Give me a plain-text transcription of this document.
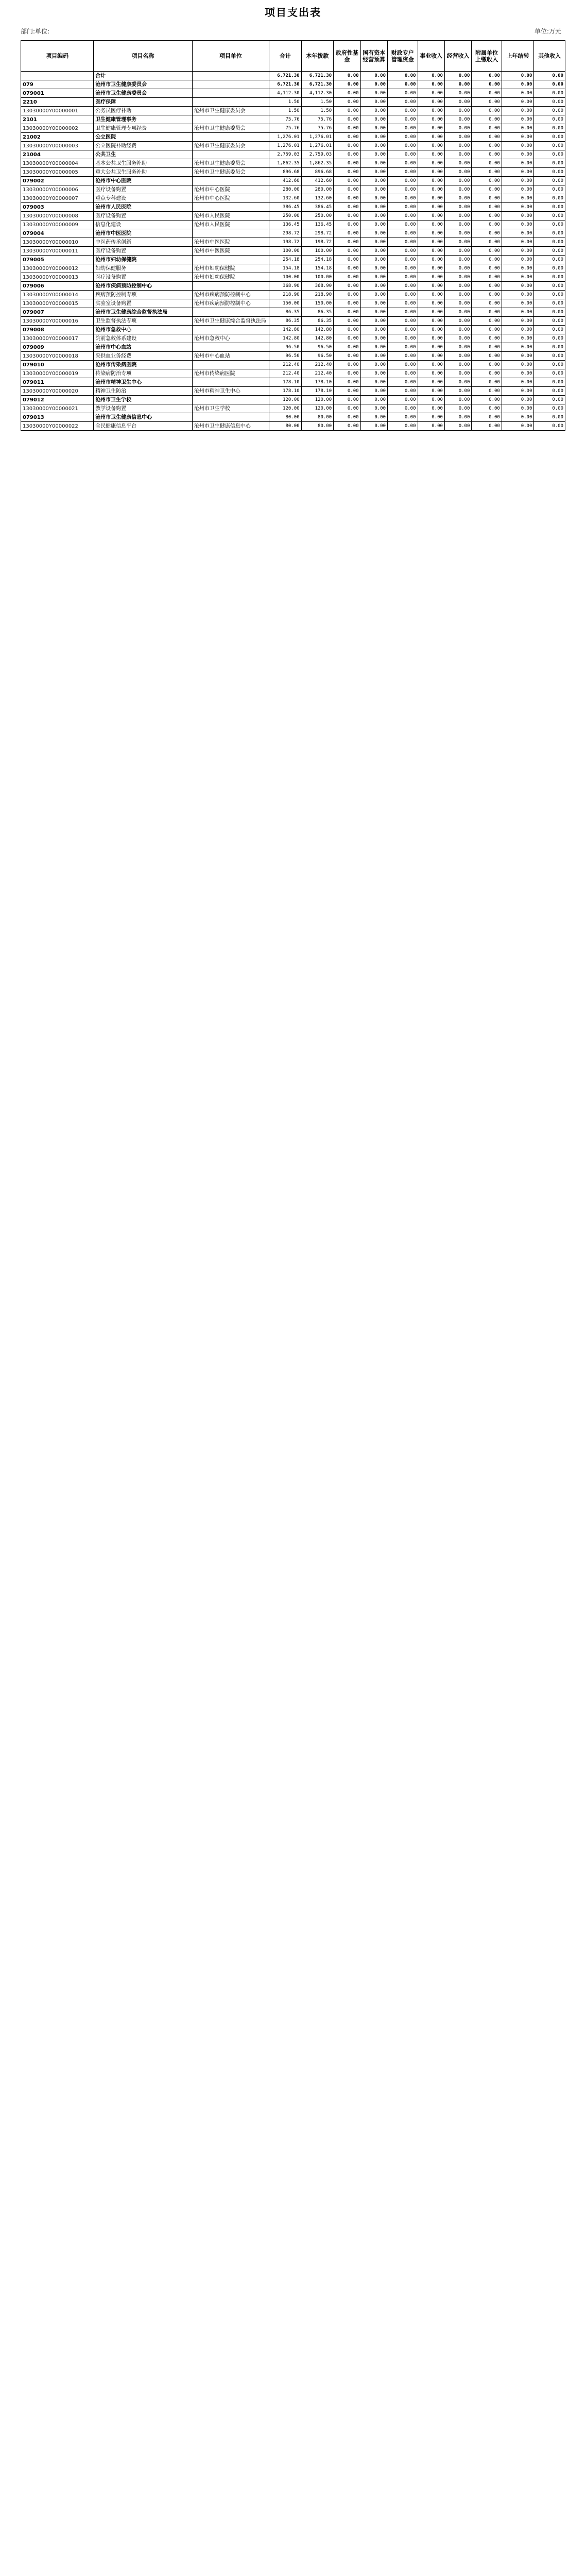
项目支出表
部门:单位:	单位:万元
项目编码	项目名称	项目单位	合计	本年拨款	政府性基金	国有资本经营预算	财政专户管理资金	事业收入	经营收入	附属单位上缴收入	上年结转	其他收入
	合计		6,721.30	6,721.30	0.00	0.00	0.00	0.00	0.00	0.00	0.00	0.00
079	沧州市卫生健康委员会		6,721.30	6,721.30	0.00	0.00	0.00	0.00	0.00	0.00	0.00	0.00
079001	沧州市卫生健康委员会		4,112.30	4,112.30	0.00	0.00	0.00	0.00	0.00	0.00	0.00	0.00
2210	医疗保障		1.50	1.50	0.00	0.00	0.00	0.00	0.00	0.00	0.00	0.00
13030000Y00000001	公务员医疗补助	沧州市卫生健康委员会	1.50	1.50	0.00	0.00	0.00	0.00	0.00	0.00	0.00	0.00
2101	卫生健康管理事务		75.76	75.76	0.00	0.00	0.00	0.00	0.00	0.00	0.00	0.00
13030000Y00000002	卫生健康管理专项经费	沧州市卫生健康委员会	75.76	75.76	0.00	0.00	0.00	0.00	0.00	0.00	0.00	0.00
21002	公立医院		1,276.01	1,276.01	0.00	0.00	0.00	0.00	0.00	0.00	0.00	0.00
13030000Y00000003	公立医院补助经费	沧州市卫生健康委员会	1,276.01	1,276.01	0.00	0.00	0.00	0.00	0.00	0.00	0.00	0.00
21004	公共卫生		2,759.03	2,759.03	0.00	0.00	0.00	0.00	0.00	0.00	0.00	0.00
13030000Y00000004	基本公共卫生服务补助	沧州市卫生健康委员会	1,862.35	1,862.35	0.00	0.00	0.00	0.00	0.00	0.00	0.00	0.00
13030000Y00000005	重大公共卫生服务补助	沧州市卫生健康委员会	896.68	896.68	0.00	0.00	0.00	0.00	0.00	0.00	0.00	0.00
079002	沧州市中心医院		412.60	412.60	0.00	0.00	0.00	0.00	0.00	0.00	0.00	0.00
13030000Y00000006	医疗设备购置	沧州市中心医院	280.00	280.00	0.00	0.00	0.00	0.00	0.00	0.00	0.00	0.00
13030000Y00000007	重点专科建设	沧州市中心医院	132.60	132.60	0.00	0.00	0.00	0.00	0.00	0.00	0.00	0.00
079003	沧州市人民医院		386.45	386.45	0.00	0.00	0.00	0.00	0.00	0.00	0.00	0.00
13030000Y00000008	医疗设备购置	沧州市人民医院	250.00	250.00	0.00	0.00	0.00	0.00	0.00	0.00	0.00	0.00
13030000Y00000009	信息化建设	沧州市人民医院	136.45	136.45	0.00	0.00	0.00	0.00	0.00	0.00	0.00	0.00
079004	沧州市中医医院		298.72	298.72	0.00	0.00	0.00	0.00	0.00	0.00	0.00	0.00
13030000Y00000010	中医药传承创新	沧州市中医医院	198.72	198.72	0.00	0.00	0.00	0.00	0.00	0.00	0.00	0.00
13030000Y00000011	医疗设备购置	沧州市中医医院	100.00	100.00	0.00	0.00	0.00	0.00	0.00	0.00	0.00	0.00
079005	沧州市妇幼保健院		254.18	254.18	0.00	0.00	0.00	0.00	0.00	0.00	0.00	0.00
13030000Y00000012	妇幼保健服务	沧州市妇幼保健院	154.18	154.18	0.00	0.00	0.00	0.00	0.00	0.00	0.00	0.00
13030000Y00000013	医疗设备购置	沧州市妇幼保健院	100.00	100.00	0.00	0.00	0.00	0.00	0.00	0.00	0.00	0.00
079006	沧州市疾病预防控制中心		368.90	368.90	0.00	0.00	0.00	0.00	0.00	0.00	0.00	0.00
13030000Y00000014	疾病预防控制专项	沧州市疾病预防控制中心	218.90	218.90	0.00	0.00	0.00	0.00	0.00	0.00	0.00	0.00
13030000Y00000015	实验室设备购置	沧州市疾病预防控制中心	150.00	150.00	0.00	0.00	0.00	0.00	0.00	0.00	0.00	0.00
079007	沧州市卫生健康综合监督执法局		86.35	86.35	0.00	0.00	0.00	0.00	0.00	0.00	0.00	0.00
13030000Y00000016	卫生监督执法专项	沧州市卫生健康综合监督执法局	86.35	86.35	0.00	0.00	0.00	0.00	0.00	0.00	0.00	0.00
079008	沧州市急救中心		142.80	142.80	0.00	0.00	0.00	0.00	0.00	0.00	0.00	0.00
13030000Y00000017	院前急救体系建设	沧州市急救中心	142.80	142.80	0.00	0.00	0.00	0.00	0.00	0.00	0.00	0.00
079009	沧州市中心血站		96.50	96.50	0.00	0.00	0.00	0.00	0.00	0.00	0.00	0.00
13030000Y00000018	采供血业务经费	沧州市中心血站	96.50	96.50	0.00	0.00	0.00	0.00	0.00	0.00	0.00	0.00
079010	沧州市传染病医院		212.40	212.40	0.00	0.00	0.00	0.00	0.00	0.00	0.00	0.00
13030000Y00000019	传染病防治专项	沧州市传染病医院	212.40	212.40	0.00	0.00	0.00	0.00	0.00	0.00	0.00	0.00
079011	沧州市精神卫生中心		178.10	178.10	0.00	0.00	0.00	0.00	0.00	0.00	0.00	0.00
13030000Y00000020	精神卫生防治	沧州市精神卫生中心	178.10	178.10	0.00	0.00	0.00	0.00	0.00	0.00	0.00	0.00
079012	沧州市卫生学校		120.00	120.00	0.00	0.00	0.00	0.00	0.00	0.00	0.00	0.00
13030000Y00000021	教学设备购置	沧州市卫生学校	120.00	120.00	0.00	0.00	0.00	0.00	0.00	0.00	0.00	0.00
079013	沧州市卫生健康信息中心		80.00	80.00	0.00	0.00	0.00	0.00	0.00	0.00	0.00	0.00
13030000Y00000022	全民健康信息平台	沧州市卫生健康信息中心	80.00	80.00	0.00	0.00	0.00	0.00	0.00	0.00	0.00	0.00
